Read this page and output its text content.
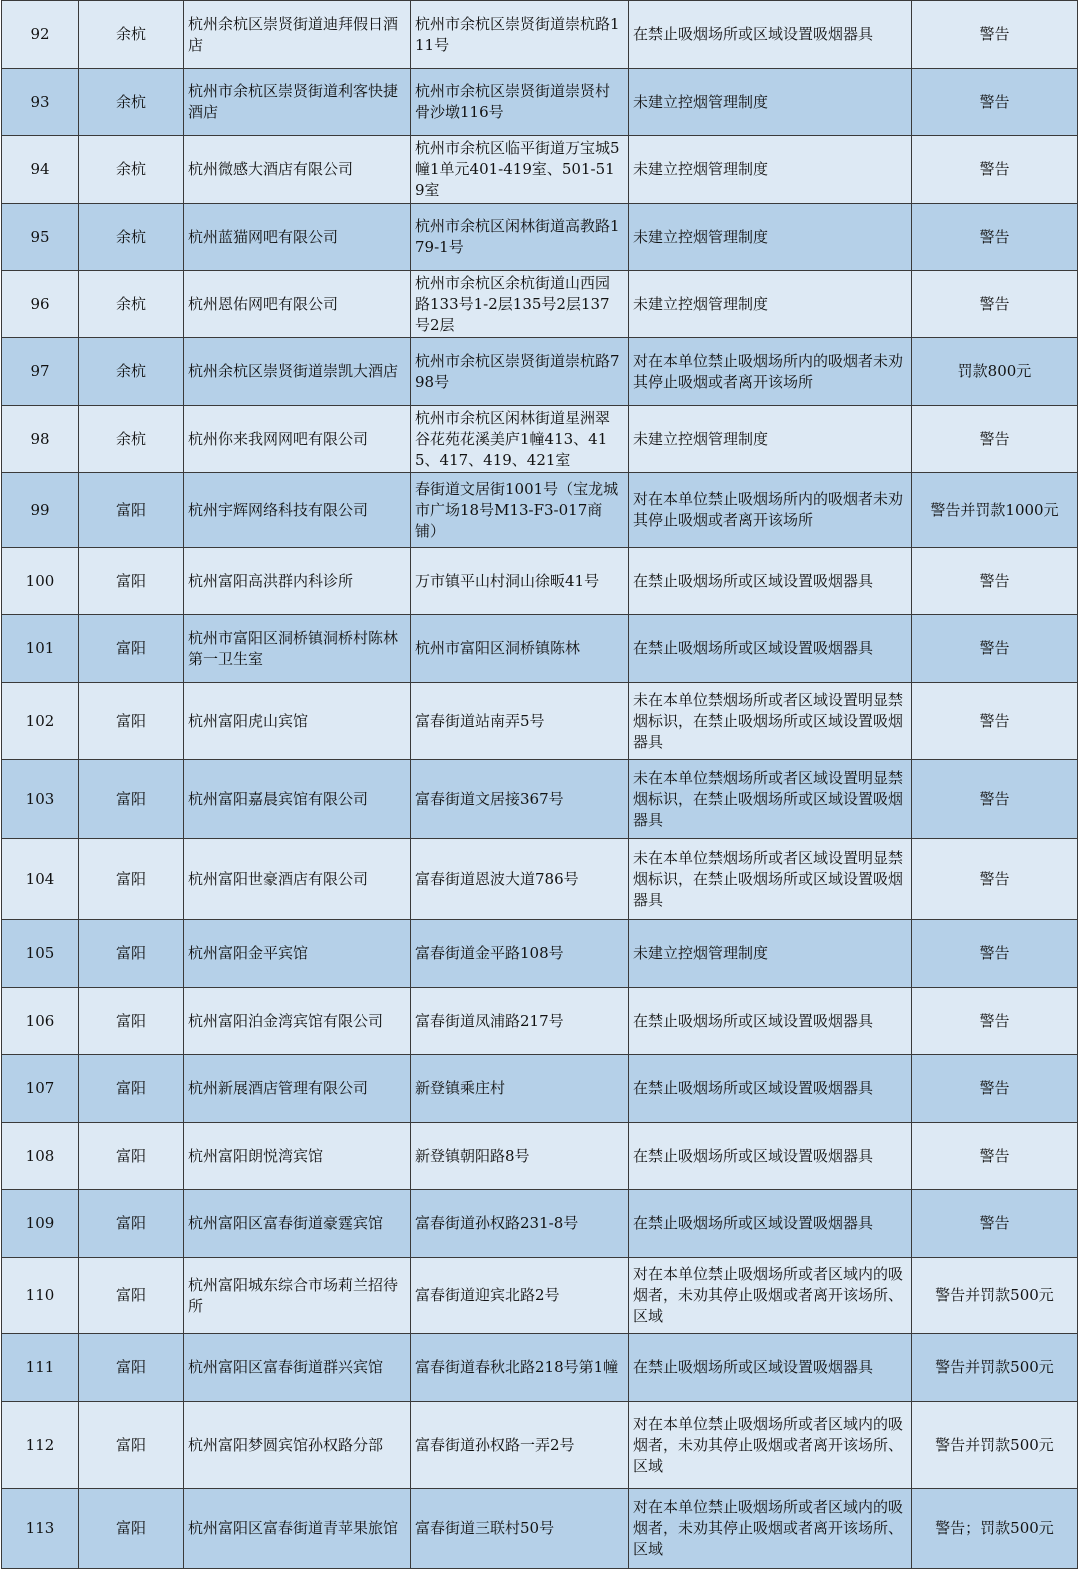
92	余杭	杭州余杭区崇贤街道迪拜假日酒店	杭州市余杭区崇贤街道崇杭路111号	在禁止吸烟场所或区域设置吸烟器具	警告
93	余杭	杭州市余杭区崇贤街道利客快捷酒店	杭州市余杭区崇贤街道崇贤村骨沙墩116号	未建立控烟管理制度	警告
94	余杭	杭州微感大酒店有限公司	杭州市余杭区临平街道万宝城5幢1单元401-419室、501-519室	未建立控烟管理制度	警告
95	余杭	杭州蓝猫网吧有限公司	杭州市余杭区闲林街道高教路179-1号	未建立控烟管理制度	警告
96	余杭	杭州恩佑网吧有限公司	杭州市余杭区余杭街道山西园路133号1-2层135号2层137号2层	未建立控烟管理制度	警告
97	余杭	杭州余杭区崇贤街道崇凯大酒店	杭州市余杭区崇贤街道崇杭路798号	对在本单位禁止吸烟场所内的吸烟者未劝其停止吸烟或者离开该场所	罚款800元
98	余杭	杭州你来我网网吧有限公司	杭州市余杭区闲林街道星洲翠谷花苑花溪美庐1幢413、415、417、419、421室	未建立控烟管理制度	警告
99	富阳	杭州宇辉网络科技有限公司	春街道文居街1001号（宝龙城市广场18号M13-F3-017商铺）	对在本单位禁止吸烟场所内的吸烟者未劝其停止吸烟或者离开该场所	警告并罚款1000元
100	富阳	杭州富阳高洪群内科诊所	万市镇平山村洞山徐畈41号	在禁止吸烟场所或区域设置吸烟器具	警告
101	富阳	杭州市富阳区洞桥镇洞桥村陈林第一卫生室	杭州市富阳区洞桥镇陈林	在禁止吸烟场所或区域设置吸烟器具	警告
102	富阳	杭州富阳虎山宾馆	富春街道站南弄5号	未在本单位禁烟场所或者区域设置明显禁烟标识，在禁止吸烟场所或区域设置吸烟器具	警告
103	富阳	杭州富阳嘉晨宾馆有限公司	富春街道文居接367号	未在本单位禁烟场所或者区域设置明显禁烟标识，在禁止吸烟场所或区域设置吸烟器具	警告
104	富阳	杭州富阳世豪酒店有限公司	富春街道恩波大道786号	未在本单位禁烟场所或者区域设置明显禁烟标识，在禁止吸烟场所或区域设置吸烟器具	警告
105	富阳	杭州富阳金平宾馆	富春街道金平路108号	未建立控烟管理制度	警告
106	富阳	杭州富阳泊金湾宾馆有限公司	富春街道凤浦路217号	在禁止吸烟场所或区域设置吸烟器具	警告
107	富阳	杭州新展酒店管理有限公司	新登镇乘庄村	在禁止吸烟场所或区域设置吸烟器具	警告
108	富阳	杭州富阳朗悦湾宾馆	新登镇朝阳路8号	在禁止吸烟场所或区域设置吸烟器具	警告
109	富阳	杭州富阳区富春街道豪霆宾馆	富春街道孙权路231-8号	在禁止吸烟场所或区域设置吸烟器具	警告
110	富阳	杭州富阳城东综合市场莉兰招待所	富春街道迎宾北路2号	对在本单位禁止吸烟场所或者区域内的吸烟者，未劝其停止吸烟或者离开该场所、区域	警告并罚款500元
111	富阳	杭州富阳区富春街道群兴宾馆	富春街道春秋北路218号第1幢	在禁止吸烟场所或区域设置吸烟器具	警告并罚款500元
112	富阳	杭州富阳梦圆宾馆孙权路分部	富春街道孙权路一弄2号	对在本单位禁止吸烟场所或者区域内的吸烟者，未劝其停止吸烟或者离开该场所、区域	警告并罚款500元
113	富阳	杭州富阳区富春街道青苹果旅馆	富春街道三联村50号	对在本单位禁止吸烟场所或者区域内的吸烟者，未劝其停止吸烟或者离开该场所、区域	警告；罚款500元
